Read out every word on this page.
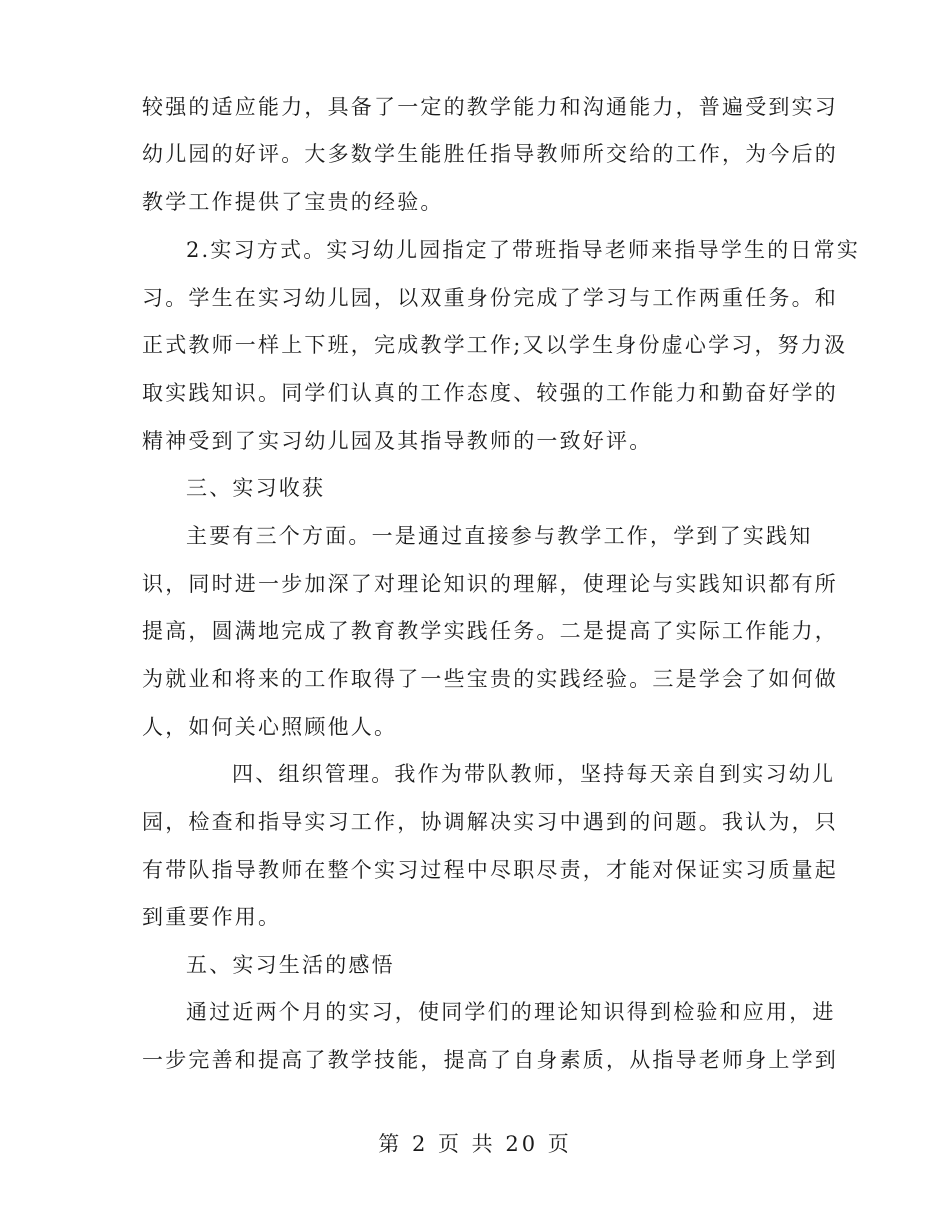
较强的适应能力，具备了一定的教学能力和沟通能力，普遍受到实习
幼儿园的好评。大多数学生能胜任指导教师所交给的工作，为今后的
教学工作提供了宝贵的经验。
2.实习方式。实习幼儿园指定了带班指导老师来指导学生的日常实
习。学生在实习幼儿园，以双重身份完成了学习与工作两重任务。和
正式教师一样上下班，完成教学工作;又以学生身份虚心学习，努力汲
取实践知识。同学们认真的工作态度、较强的工作能力和勤奋好学的
精神受到了实习幼儿园及其指导教师的一致好评。
三、实习收获
主要有三个方面。一是通过直接参与教学工作，学到了实践知
识，同时进一步加深了对理论知识的理解，使理论与实践知识都有所
提高，圆满地完成了教育教学实践任务。二是提高了实际工作能力，
为就业和将来的工作取得了一些宝贵的实践经验。三是学会了如何做
人，如何关心照顾他人。
四、组织管理。我作为带队教师，坚持每天亲自到实习幼儿
园，检查和指导实习工作，协调解决实习中遇到的问题。我认为，只
有带队指导教师在整个实习过程中尽职尽责，才能对保证实习质量起
到重要作用。
五、实习生活的感悟
通过近两个月的实习，使同学们的理论知识得到检验和应用，进
一步完善和提高了教学技能，提高了自身素质，从指导老师身上学到
第 2 页 共 20 页
